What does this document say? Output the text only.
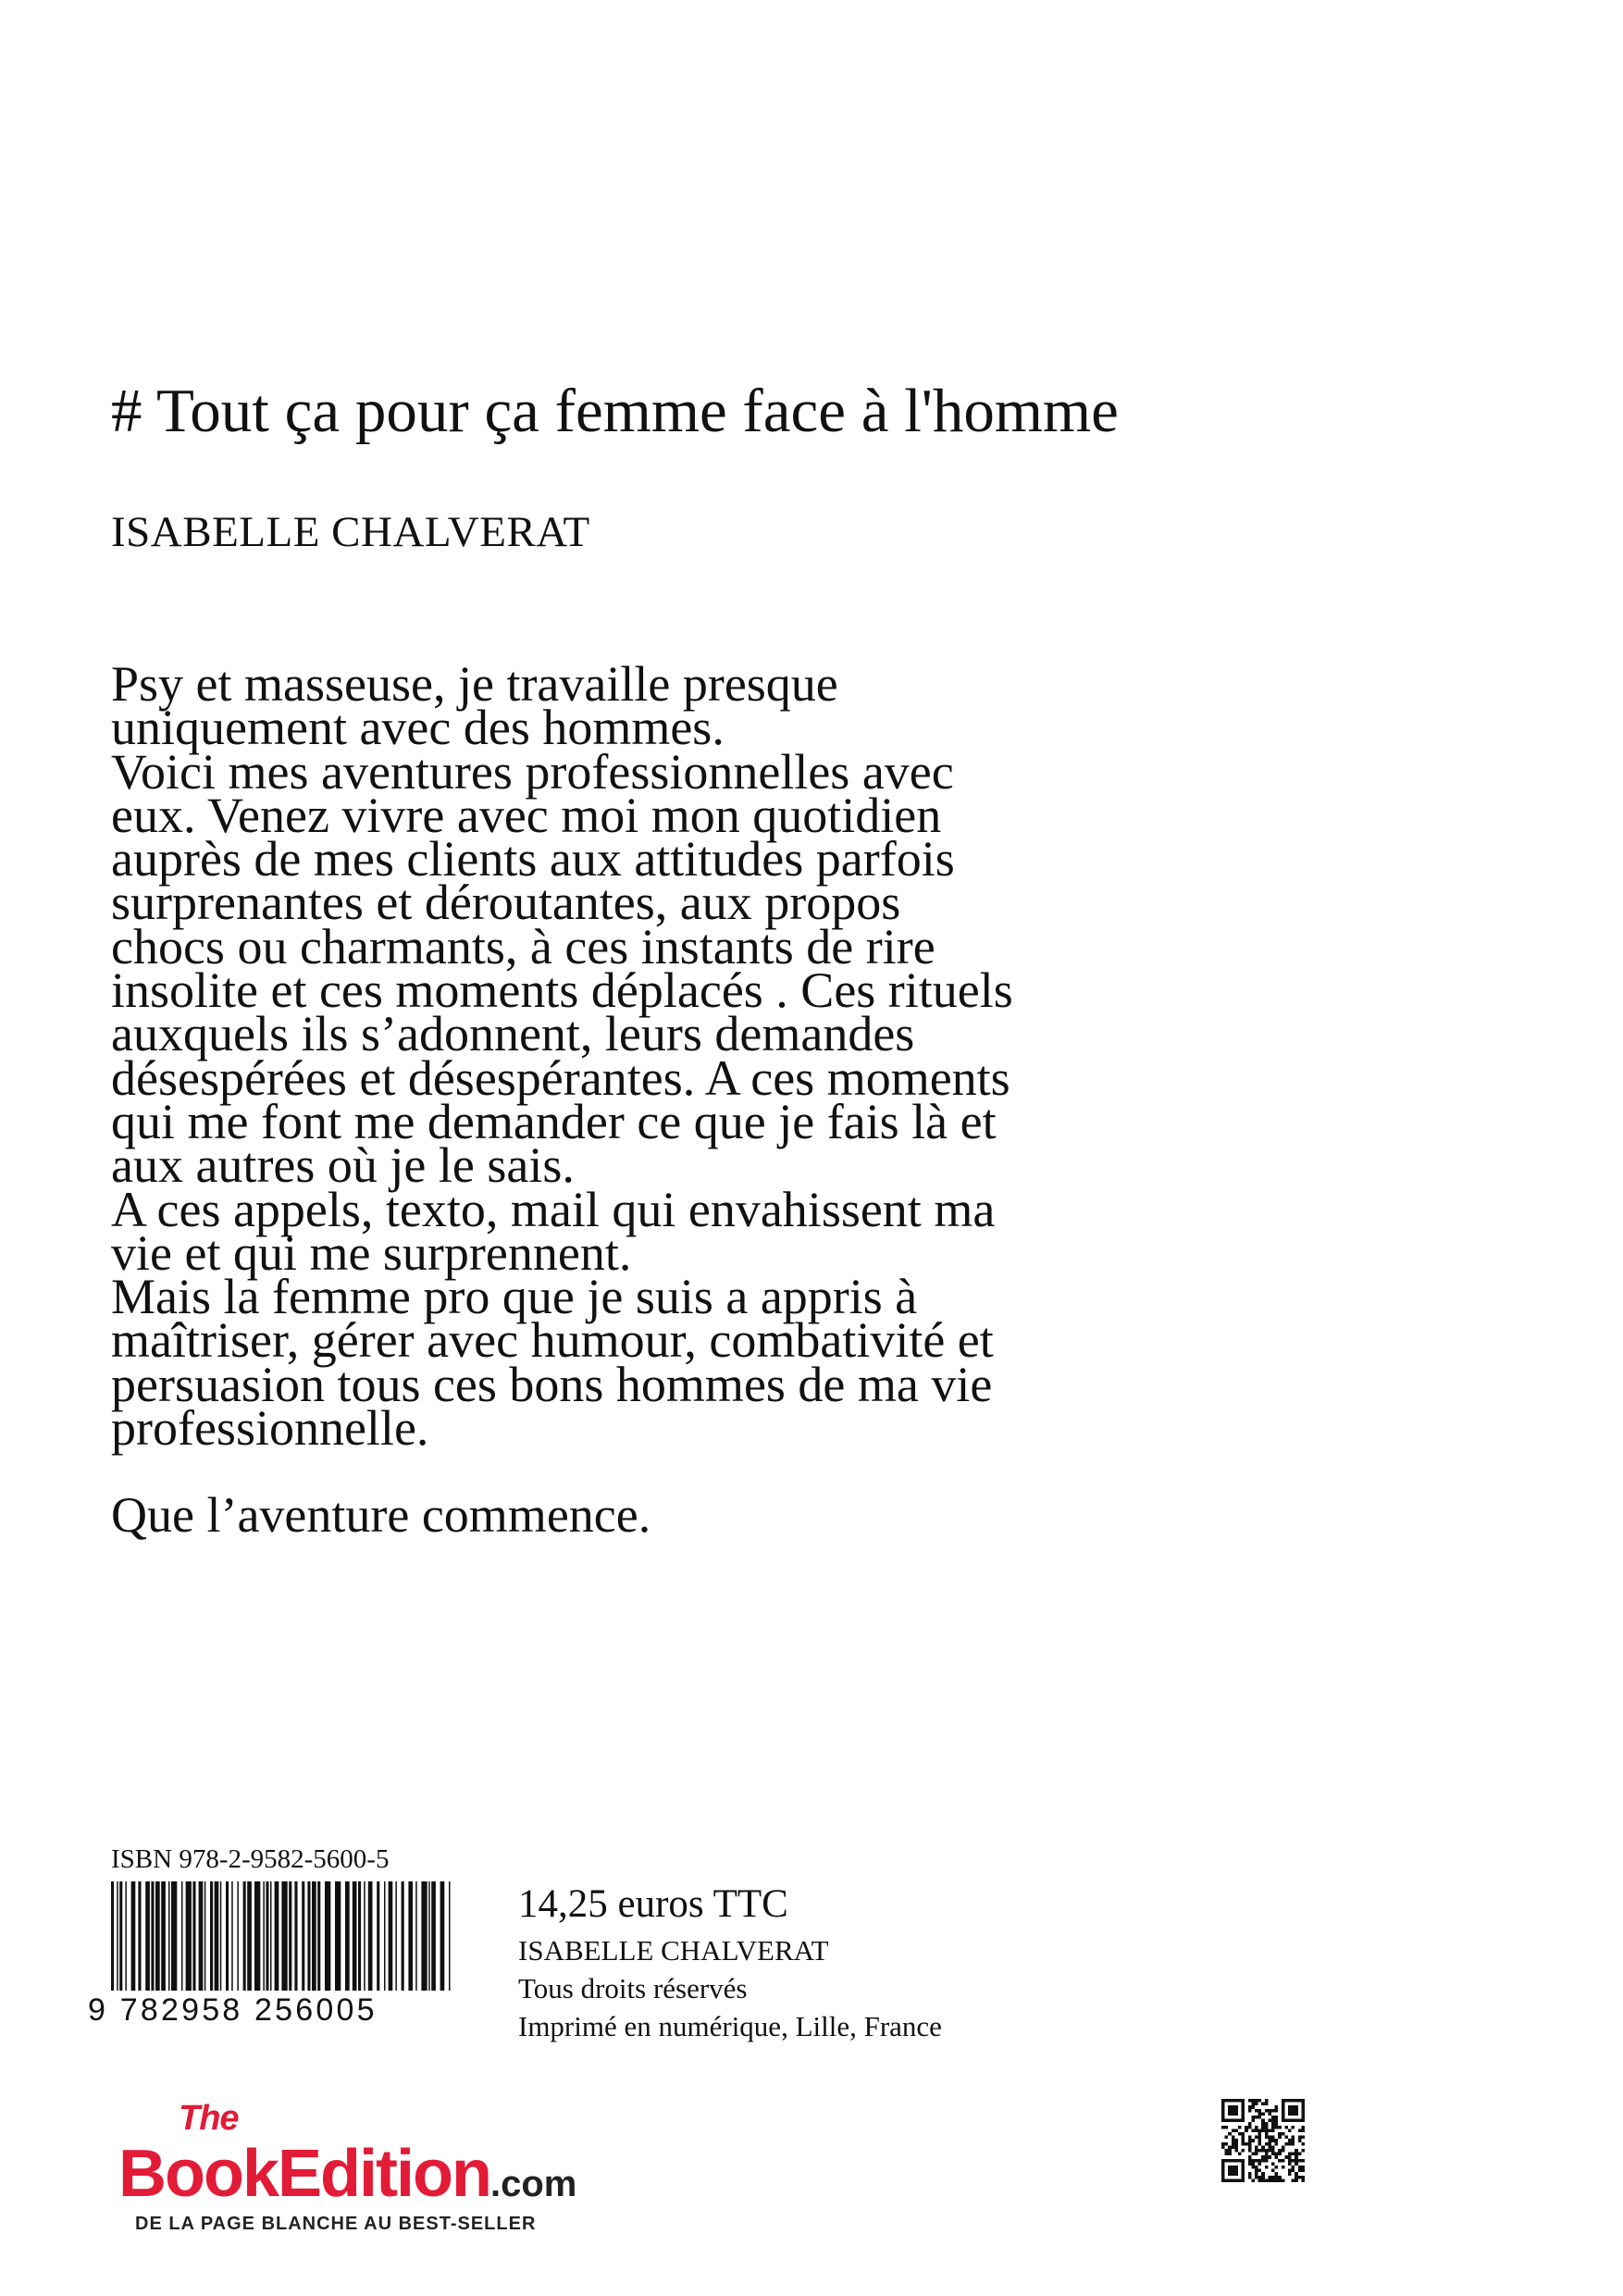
# Tout ça pour ça femme face à l'homme
ISABELLE CHALVERAT
Psy et masseuse, je travaille presque
uniquement avec des hommes.
Voici mes aventures professionnelles avec
eux. Venez vivre avec moi mon quotidien
auprès de mes clients aux attitudes parfois
surprenantes et déroutantes, aux propos
chocs ou charmants, à ces instants de rire
insolite et ces moments déplacés . Ces rituels
auxquels ils s’adonnent, leurs demandes
désespérées et désespérantes. A ces moments
qui me font me demander ce que je fais là et
aux autres où je le sais.
A ces appels, texto, mail qui envahissent ma
vie et qui me surprennent.
Mais la femme pro que je suis a appris à
maîtriser, gérer avec humour, combativité et
persuasion tous ces bons hommes de ma vie
professionnelle.
Que l’aventure commence.
ISBN 978-2-9582-5600-5
9 782958 256005
14,25 euros TTC
ISABELLE CHALVERAT
Tous droits réservés
Imprimé en numérique, Lille, France
The
BookEdition.com
DE LA PAGE BLANCHE AU BEST-SELLER
